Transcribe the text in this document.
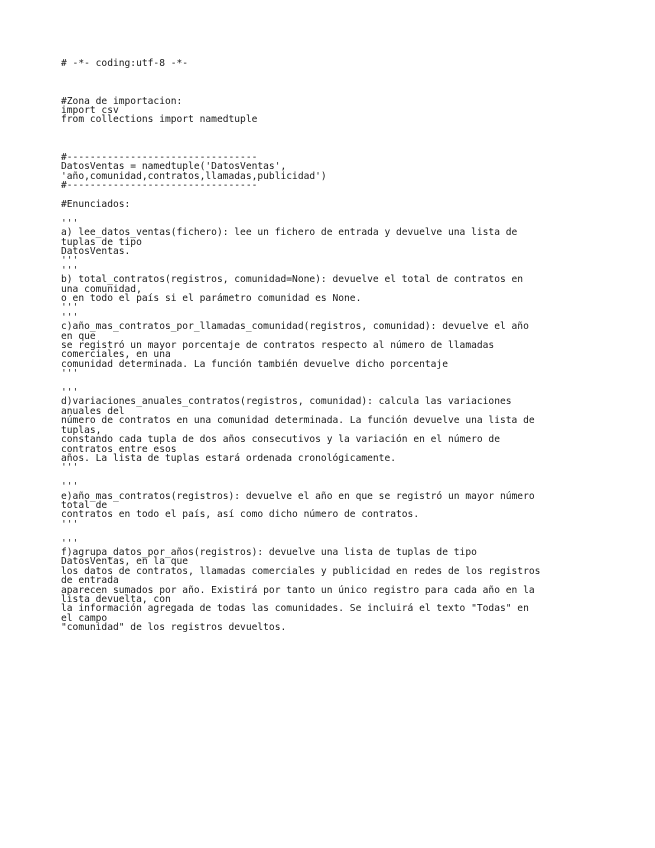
# -*- coding:utf-8 -*-
#Zona de importacion:
import csv
from collections import namedtuple
#---------------------------------
DatosVentas = namedtuple('DatosVentas',
'año,comunidad,contratos,llamadas,publicidad')
#---------------------------------
#Enunciados:
'''
a) lee_datos_ventas(fichero): lee un fichero de entrada y devuelve una lista de
tuplas de tipo
DatosVentas.
'''
'''
b) total_contratos(registros, comunidad=None): devuelve el total de contratos en
una comunidad,
o en todo el país si el parámetro comunidad es None.
'''
'''
c)año_mas_contratos_por_llamadas_comunidad(registros, comunidad): devuelve el año
en que
se registró un mayor porcentaje de contratos respecto al número de llamadas
comerciales, en una
comunidad determinada. La función también devuelve dicho porcentaje
'''
'''
d)variaciones_anuales_contratos(registros, comunidad): calcula las variaciones
anuales del
número de contratos en una comunidad determinada. La función devuelve una lista de
tuplas,
constando cada tupla de dos años consecutivos y la variación en el número de
contratos entre esos
años. La lista de tuplas estará ordenada cronológicamente.
'''
'''
e)año_mas_contratos(registros): devuelve el año en que se registró un mayor número
total de
contratos en todo el país, así como dicho número de contratos.
'''
'''
f)agrupa_datos_por_años(registros): devuelve una lista de tuplas de tipo
DatosVentas, en la que
los datos de contratos, llamadas comerciales y publicidad en redes de los registros
de entrada
aparecen sumados por año. Existirá por tanto un único registro para cada año en la
lista devuelta, con
la información agregada de todas las comunidades. Se incluirá el texto "Todas" en
el campo
"comunidad" de los registros devueltos.
